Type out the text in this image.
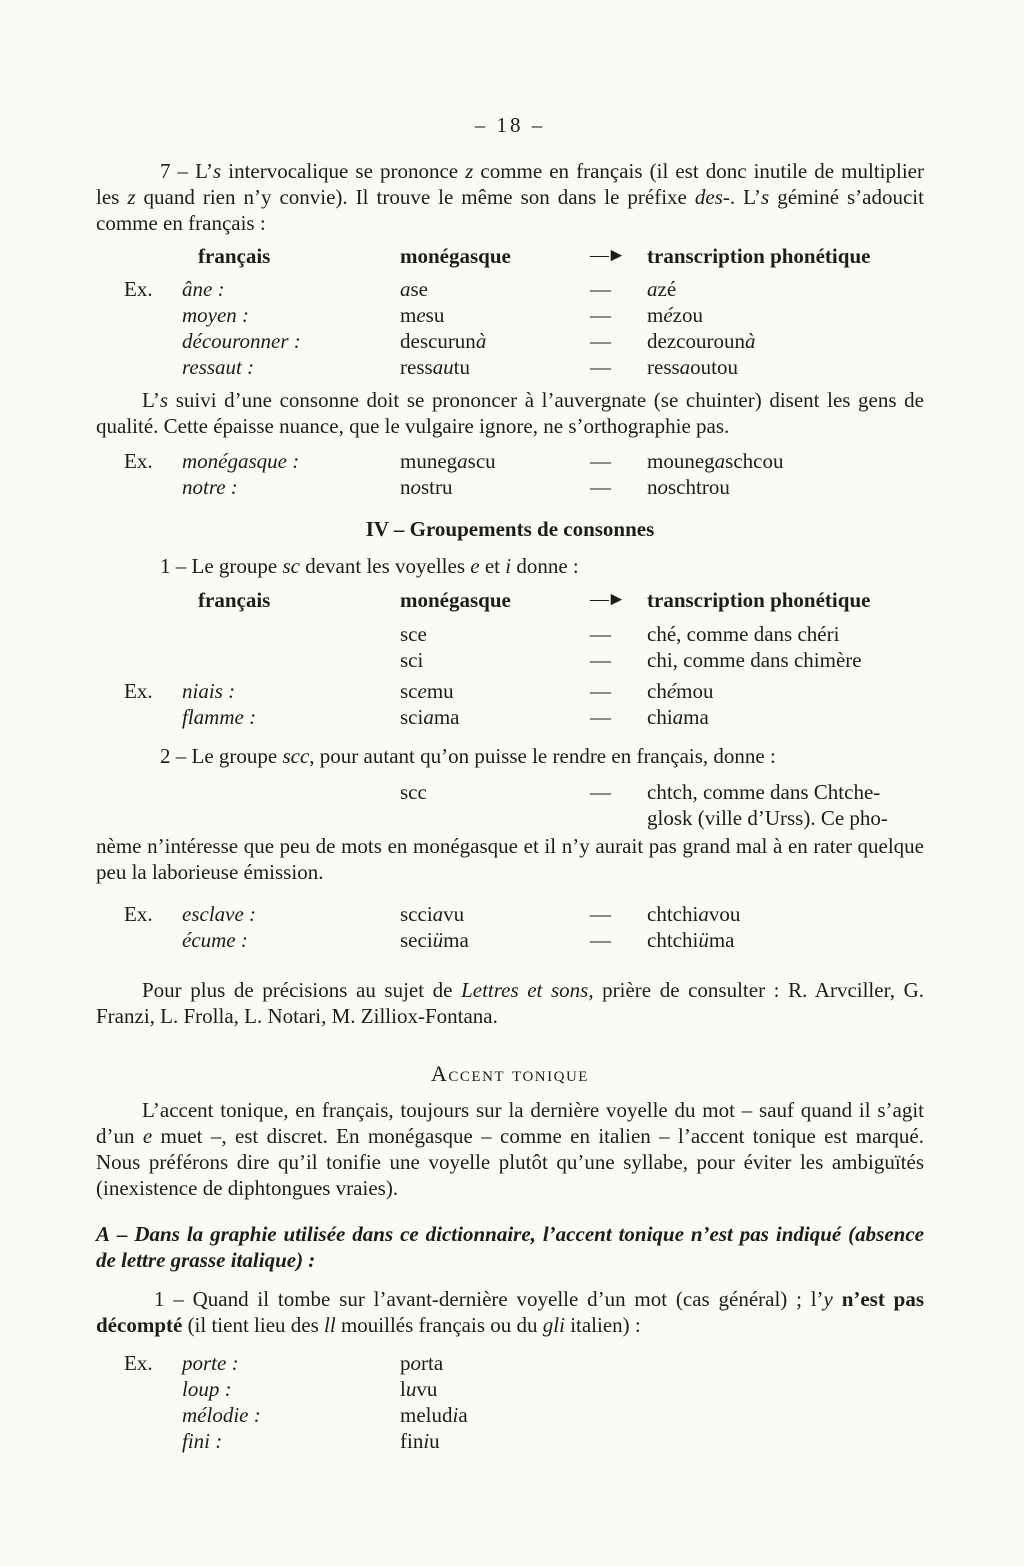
– 18 –

7 – L’s intervocalique se prononce z comme en français (il est donc inutile de multiplier les z quand rien n’y convie). Il trouve le même son dans le préfixe des-. L’s géminé s’adoucit comme en français :

français	monégasque	—►	transcription phonétique
Ex.	âne :	ase	—	azé
moyen :	mesu	—	mézou
découronner :	descurunà	—	dezcourounà
ressaut :	ressautu	—	ressaoutou

L’s suivi d’une consonne doit se prononcer à l’auvergnate (se chuinter) disent les gens de qualité. Cette épaisse nuance, que le vulgaire ignore, ne s’orthographie pas.

Ex.	monégasque :	munegascu	—	mounegaschcou
notre :	nostru	—	noschtrou

IV – Groupements de consonnes

1 – Le groupe sc devant les voyelles e et i donne :

français	monégasque	—►	transcription phonétique
sce	—	ché, comme dans chéri
sci	—	chi, comme dans chimère
Ex.	niais :	scemu	—	chémou
flamme :	sciama	—	chiama

2 – Le groupe scc, pour autant qu’on puisse le rendre en français, donne :

scc	—	chtch, comme dans Chtche-
glosk (ville d’Urss). Ce pho-

nème n’intéresse que peu de mots en monégasque et il n’y aurait pas grand mal à en rater quelque peu la laborieuse émission.

Ex.	esclave :	scciavu	—	chtchiavou
écume :	seciüma	—	chtchiüma

Pour plus de précisions au sujet de Lettres et sons, prière de consulter : R. Arvciller, G. Franzi, L. Frolla, L. Notari, M. Zilliox-Fontana.

Accent tonique

L’accent tonique, en français, toujours sur la dernière voyelle du mot – sauf quand il s’agit d’un e muet –, est discret. En monégasque – comme en italien – l’accent tonique est marqué. Nous préférons dire qu’il tonifie une voyelle plutôt qu’une syllabe, pour éviter les ambiguïtés (inexistence de diphtongues vraies).

A – Dans la graphie utilisée dans ce dictionnaire, l’accent tonique n’est pas indiqué (absence de lettre grasse italique) :

1 – Quand il tombe sur l’avant-dernière voyelle d’un mot (cas général) ; l’y n’est pas décompté (il tient lieu des ll mouillés français ou du gli italien) :

Ex.	porte :	porta
loup :	luvu
mélodie :	meludia
fini :	finiu
